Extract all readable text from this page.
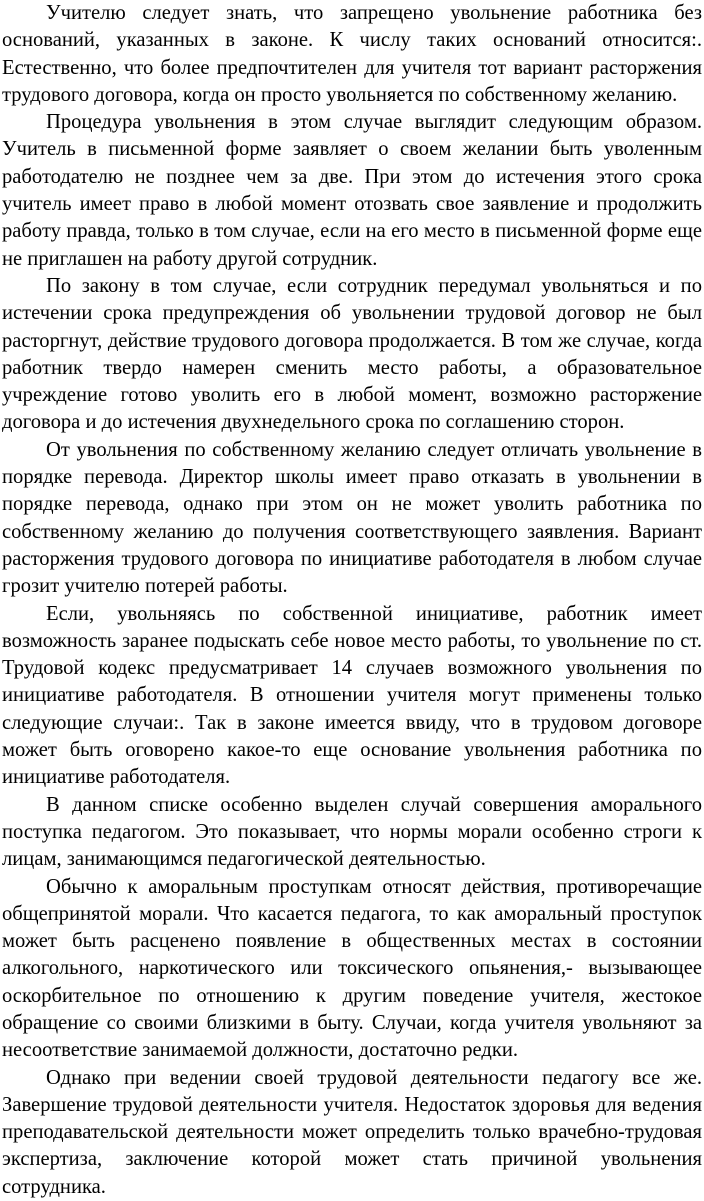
Учителю следует знать, что запрещено увольнение работника без оснований, указанных в законе. К числу таких оснований относится:. Естественно, что более предпочтителен для учителя тот вариант расторжения трудового договора, когда он просто увольняется по собственному желанию.

Процедура увольнения в этом случае выглядит следующим образом. Учитель в письменной форме заявляет о своем желании быть уволенным работодателю не позднее чем за две. При этом до истечения этого срока учитель имеет право в любой момент отозвать свое заявление и продолжить работу правда, только в том случае, если на его место в письменной форме еще не приглашен на работу другой сотрудник.

По закону в том случае, если сотрудник передумал увольняться и по истечении срока предупреждения об увольнении трудовой договор не был расторгнут, действие трудового договора продолжается. В том же случае, когда работник твердо намерен сменить место работы, а образовательное учреждение готово уволить его в любой момент, возможно расторжение договора и до истечения двухнедельного срока по соглашению сторон.

От увольнения по собственному желанию следует отличать увольнение в порядке перевода. Директор школы имеет право отказать в увольнении в порядке перевода, однако при этом он не может уволить работника по собственному желанию до получения соответствующего заявления. Вариант расторжения трудового договора по инициативе работодателя в любом случае грозит учителю потерей работы.

Если, увольняясь по собственной инициативе, работник имеет возможность заранее подыскать себе новое место работы, то увольнение по ст. Трудовой кодекс предусматривает 14 случаев возможного увольнения по инициативе работодателя. В отношении учителя могут применены только следующие случаи:. Так в законе имеется ввиду, что в трудовом договоре может быть оговорено какое-то еще основание увольнения работника по инициативе работодателя.

В данном списке особенно выделен случай совершения аморального поступка педагогом. Это показывает, что нормы морали особенно строги к лицам, занимающимся педагогической деятельностью.

Обычно к аморальным проступкам относят действия, противоречащие общепринятой морали. Что касается педагога, то как аморальный проступок может быть расценено появление в общественных местах в состоянии алкогольного, наркотического или токсического опьянения,- вызывающее оскорбительное по отношению к другим поведение учителя, жестокое обращение со своими близкими в быту. Случаи, когда учителя увольняют за несоответствие занимаемой должности, достаточно редки.

Однако при ведении своей трудовой деятельности педагогу все же. Завершение трудовой деятельности учителя. Недостаток здоровья для ведения преподавательской деятельности может определить только врачебно-трудовая экспертиза, заключение которой может стать причиной увольнения сотрудника.
